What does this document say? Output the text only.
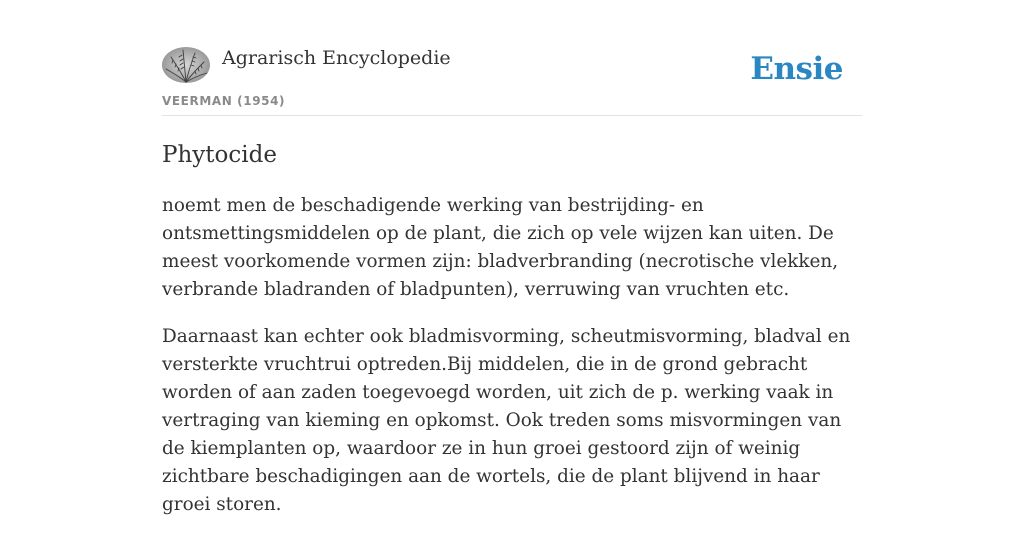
Agrarisch Encyclopedie
VEERMAN (1954)
Ensie
Phytocide

noemt men de beschadigende werking van bestrijding- en ontsmettingsmiddelen op de plant, die zich op vele wijzen kan uiten. De meest voorkomende vormen zijn: bladverbranding (necrotische vlekken, verbrande bladranden of bladpunten), verruwing van vruchten etc.

Daarnaast kan echter ook bladmisvorming, scheutmisvorming, bladval en versterkte vruchtrui optreden.Bij middelen, die in de grond gebracht worden of aan zaden toegevoegd worden, uit zich de p. werking vaak in vertraging van kieming en opkomst. Ook treden soms misvormingen van de kiemplanten op, waardoor ze in hun groei gestoord zijn of weinig zichtbare beschadigingen aan de wortels, die de plant blijvend in haar groei storen.
